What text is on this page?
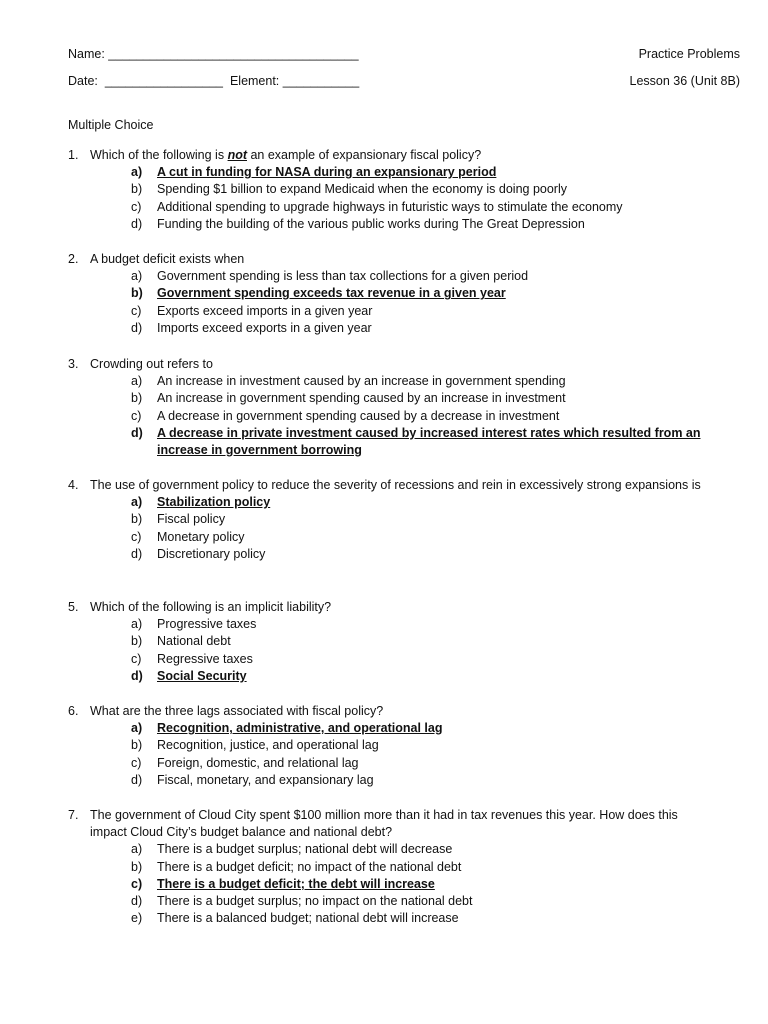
Name: ____________________________________	Practice Problems
Date:  _________________  Element: ___________	Lesson 36 (Unit 8B)
Multiple Choice
1. Which of the following is not an example of expansionary fiscal policy?
a)	A cut in funding for NASA during an expansionary period
b)	Spending $1 billion to expand Medicaid when the economy is doing poorly
c)	Additional spending to upgrade highways in futuristic ways to stimulate the economy
d)	Funding the building of the various public works during The Great Depression
2. A budget deficit exists when
a)	Government spending is less than tax collections for a given period
b)	Government spending exceeds tax revenue in a given year
c)	Exports exceed imports in a given year
d)	Imports exceed exports in a given year
3. Crowding out refers to
a)	An increase in investment caused by an increase in government spending
b)	An increase in government spending caused by an increase in investment
c)	A decrease in government spending caused by a decrease in investment
d)	A decrease in private investment caused by increased interest rates which resulted from an increase in government borrowing
4. The use of government policy to reduce the severity of recessions and rein in excessively strong expansions is
a)	Stabilization policy
b)	Fiscal policy
c)	Monetary policy
d)	Discretionary policy
5. Which of the following is an implicit liability?
a)	Progressive taxes
b)	National debt
c)	Regressive taxes
d)	Social Security
6. What are the three lags associated with fiscal policy?
a)	Recognition, administrative, and operational lag
b)	Recognition, justice, and operational lag
c)	Foreign, domestic, and relational lag
d)	Fiscal, monetary, and expansionary lag
7. The government of Cloud City spent $100 million more than it had in tax revenues this year. How does this impact Cloud City’s budget balance and national debt?
a)	There is a budget surplus; national debt will decrease
b)	There is a budget deficit; no impact of the national debt
c)	There is a budget deficit; the debt will increase
d)	There is a budget surplus; no impact on the national debt
e)	There is a balanced budget; national debt will increase
